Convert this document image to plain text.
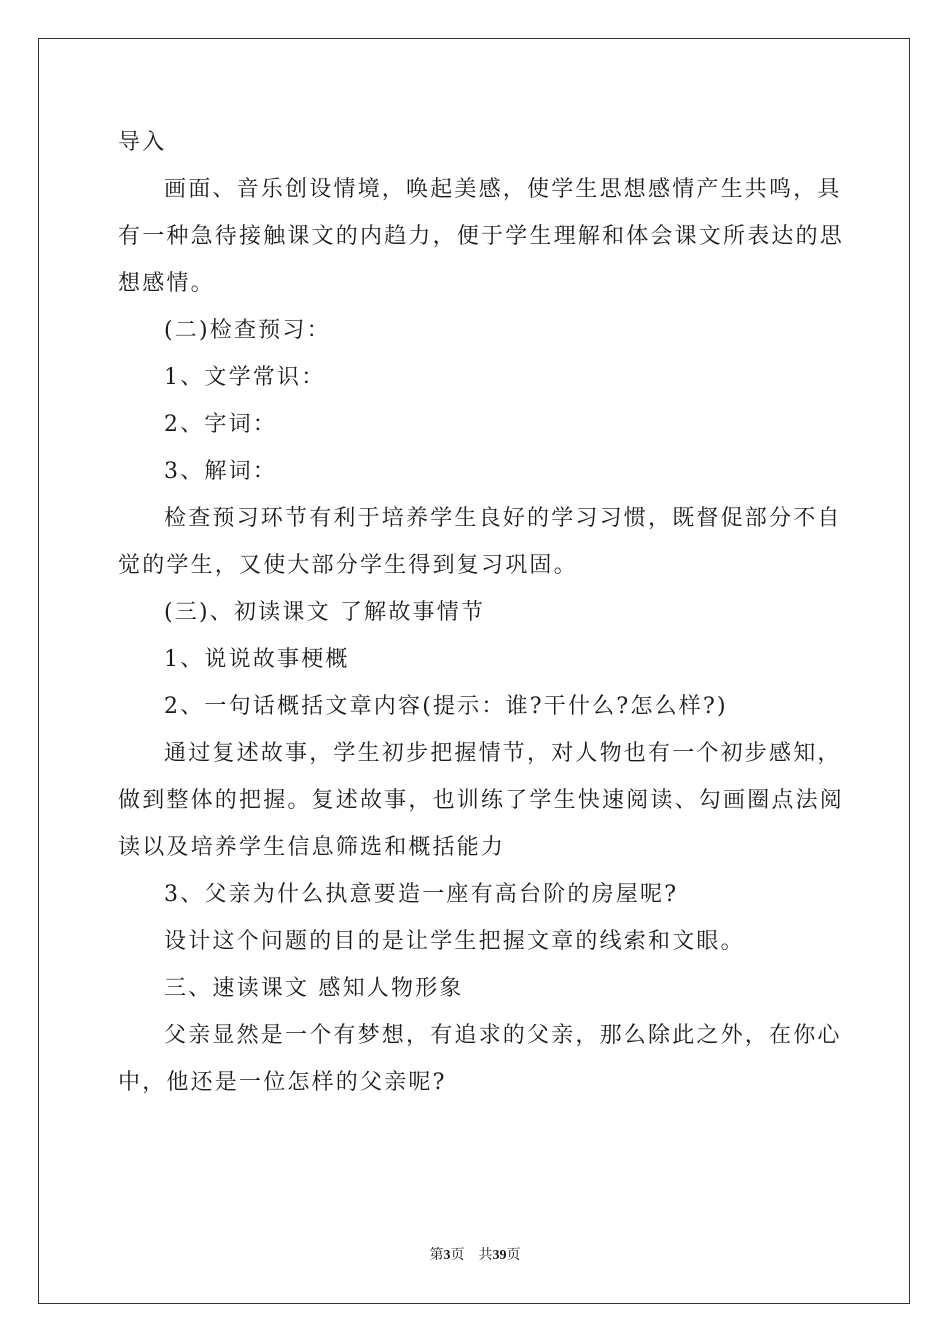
导入
画面、音乐创设情境，唤起美感，使学生思想感情产生共鸣，具
有一种急待接触课文的内趋力，便于学生理解和体会课文所表达的思
想感情。
(二)检查预习：
1、文学常识：
2、字词：
3、解词：
检查预习环节有利于培养学生良好的学习习惯，既督促部分不自
觉的学生，又使大部分学生得到复习巩固。
(三)、初读课文 了解故事情节
1、说说故事梗概
2、一句话概括文章内容(提示：谁?干什么?怎么样?)
通过复述故事，学生初步把握情节，对人物也有一个初步感知，
做到整体的把握。复述故事，也训练了学生快速阅读、勾画圈点法阅
读以及培养学生信息筛选和概括能力
3、父亲为什么执意要造一座有高台阶的房屋呢?
设计这个问题的目的是让学生把握文章的线索和文眼。
三、速读课文 感知人物形象
父亲显然是一个有梦想，有追求的父亲，那么除此之外，在你心
中，他还是一位怎样的父亲呢?
第3页　共39页
